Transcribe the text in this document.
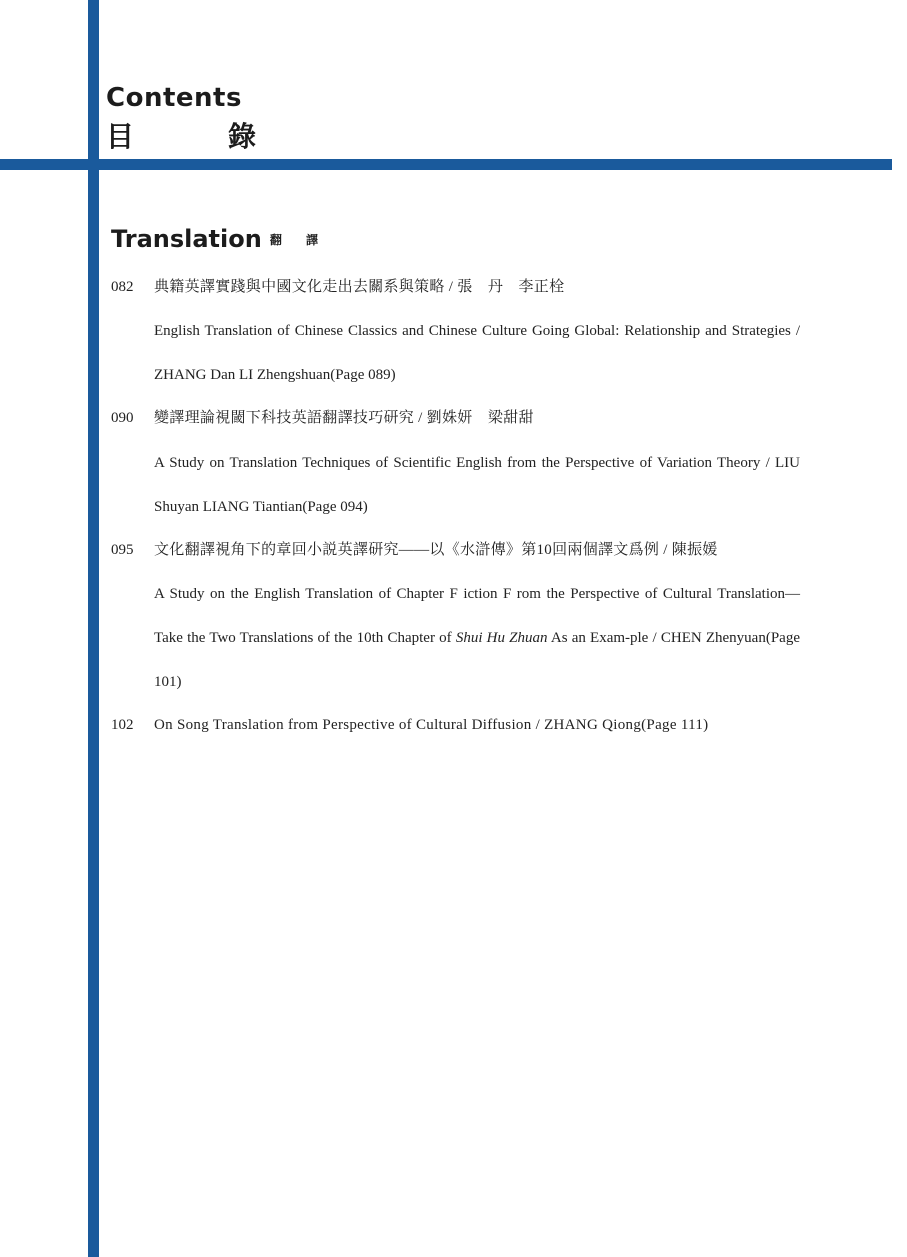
Contents
目	錄
Translation 翻 譯
082 典籍英譯實踐與中國文化走出去關系與策略 / 張　丹　李正栓

English Translation of Chinese Classics and Chinese Culture Going Global: Relationship and Strategies / ZHANG Dan LI Zhengshuan(Page 089)

090 變譯理論視閾下科技英語翻譯技巧研究 / 劉姝妍　梁甜甜

A Study on Translation Techniques of Scientific English from the Perspective of Variation Theory / LIU Shuyan LIANG Tiantian(Page 094)

095 文化翻譯視角下的章回小説英譯研究——以《水滸傳》第10回兩個譯文爲例 / 陳振媛

A Study on the English Translation of Chapter F iction F rom the Perspective of Cultural Translation—Take the Two Translations of the 10th Chapter of Shui Hu Zhuan As an Exam-ple / CHEN Zhenyuan(Page 101)

102 On Song Translation from Perspective of Cultural Diffusion / ZHANG Qiong(Page 111)
